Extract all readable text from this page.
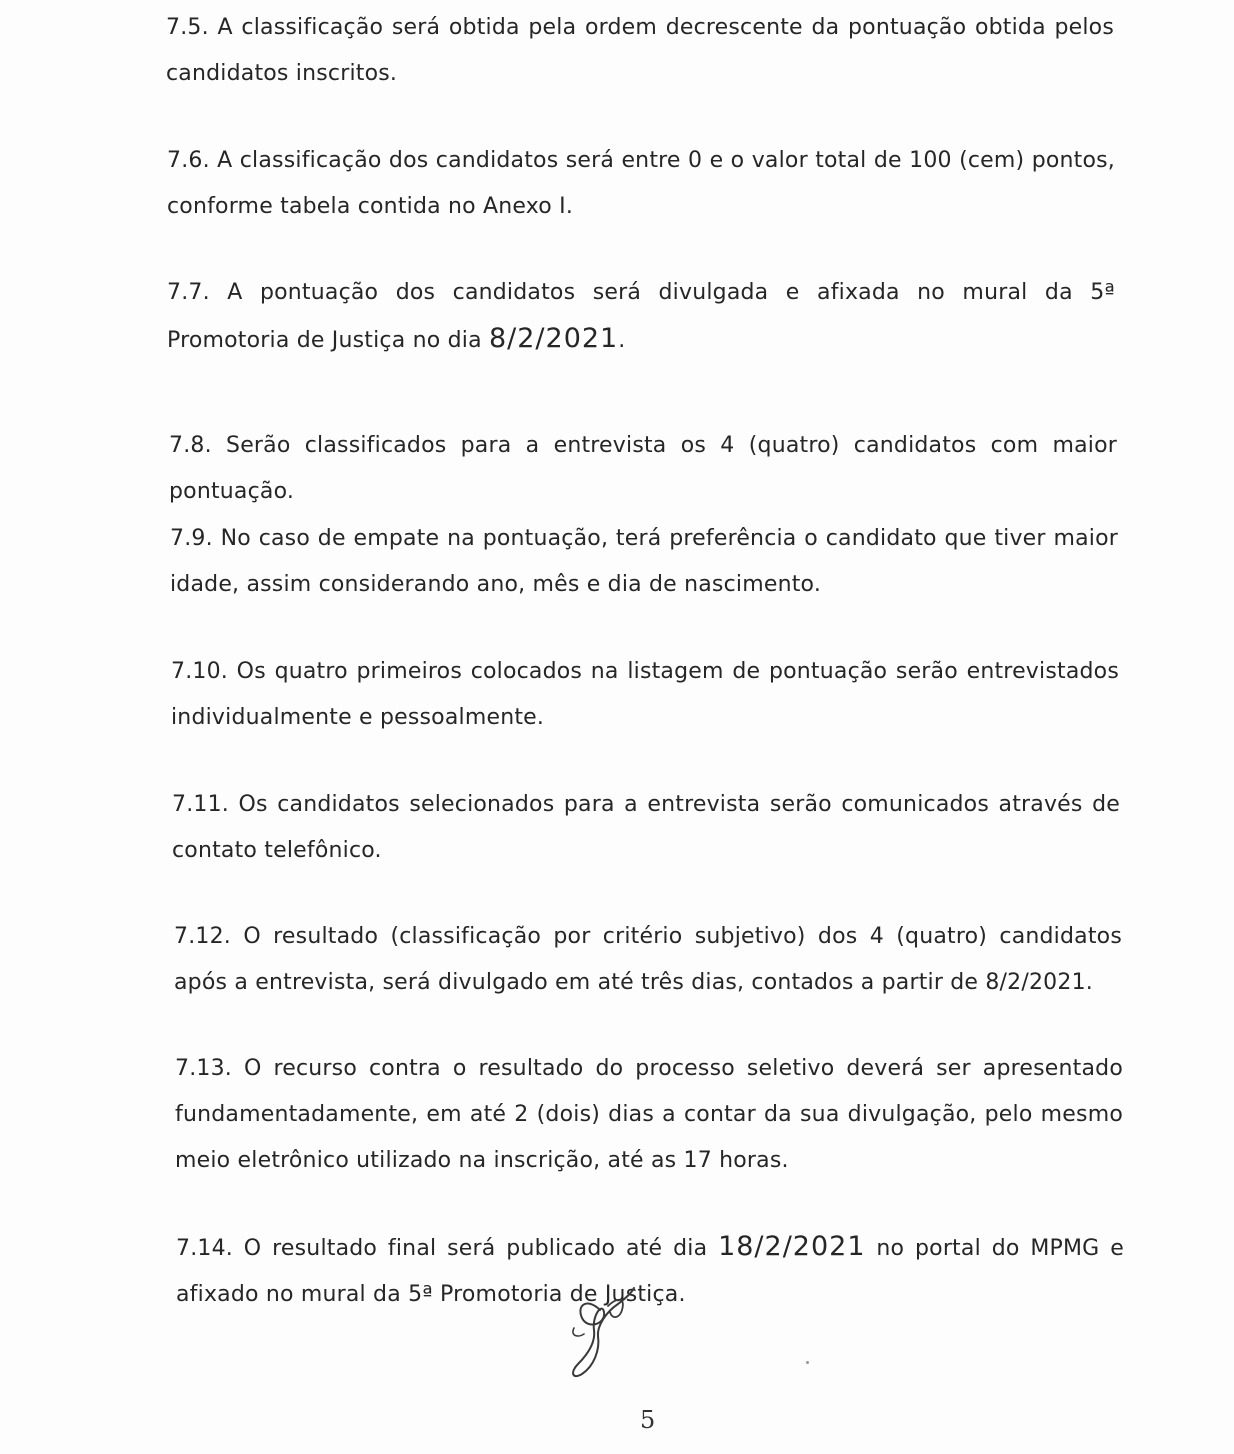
7.5. A classificação será obtida pela ordem decrescente da pontuação obtida pelos candidatos inscritos.

7.6. A classificação dos candidatos será entre 0 e o valor total de 100 (cem) pontos, conforme tabela contida no Anexo I.

7.7. A pontuação dos candidatos será divulgada e afixada no mural da 5ª Promotoria de Justiça no dia 8/2/2021.

7.8. Serão classificados para a entrevista os 4 (quatro) candidatos com maior pontuação.

7.9. No caso de empate na pontuação, terá preferência o candidato que tiver maior idade, assim considerando ano, mês e dia de nascimento.

7.10. Os quatro primeiros colocados na listagem de pontuação serão entrevistados individualmente e pessoalmente.

7.11. Os candidatos selecionados para a entrevista serão comunicados através de contato telefônico.

7.12. O resultado (classificação por critério subjetivo) dos 4 (quatro) candidatos após a entrevista, será divulgado em até três dias, contados a partir de 8/2/2021.

7.13. O recurso contra o resultado do processo seletivo deverá ser apresentado fundamentadamente, em até 2 (dois) dias a contar da sua divulgação, pelo mesmo meio eletrônico utilizado na inscrição, até as 17 horas.

7.14. O resultado final será publicado até dia 18/2/2021 no portal do MPMG e afixado no mural da 5ª Promotoria de Justiça.

5
